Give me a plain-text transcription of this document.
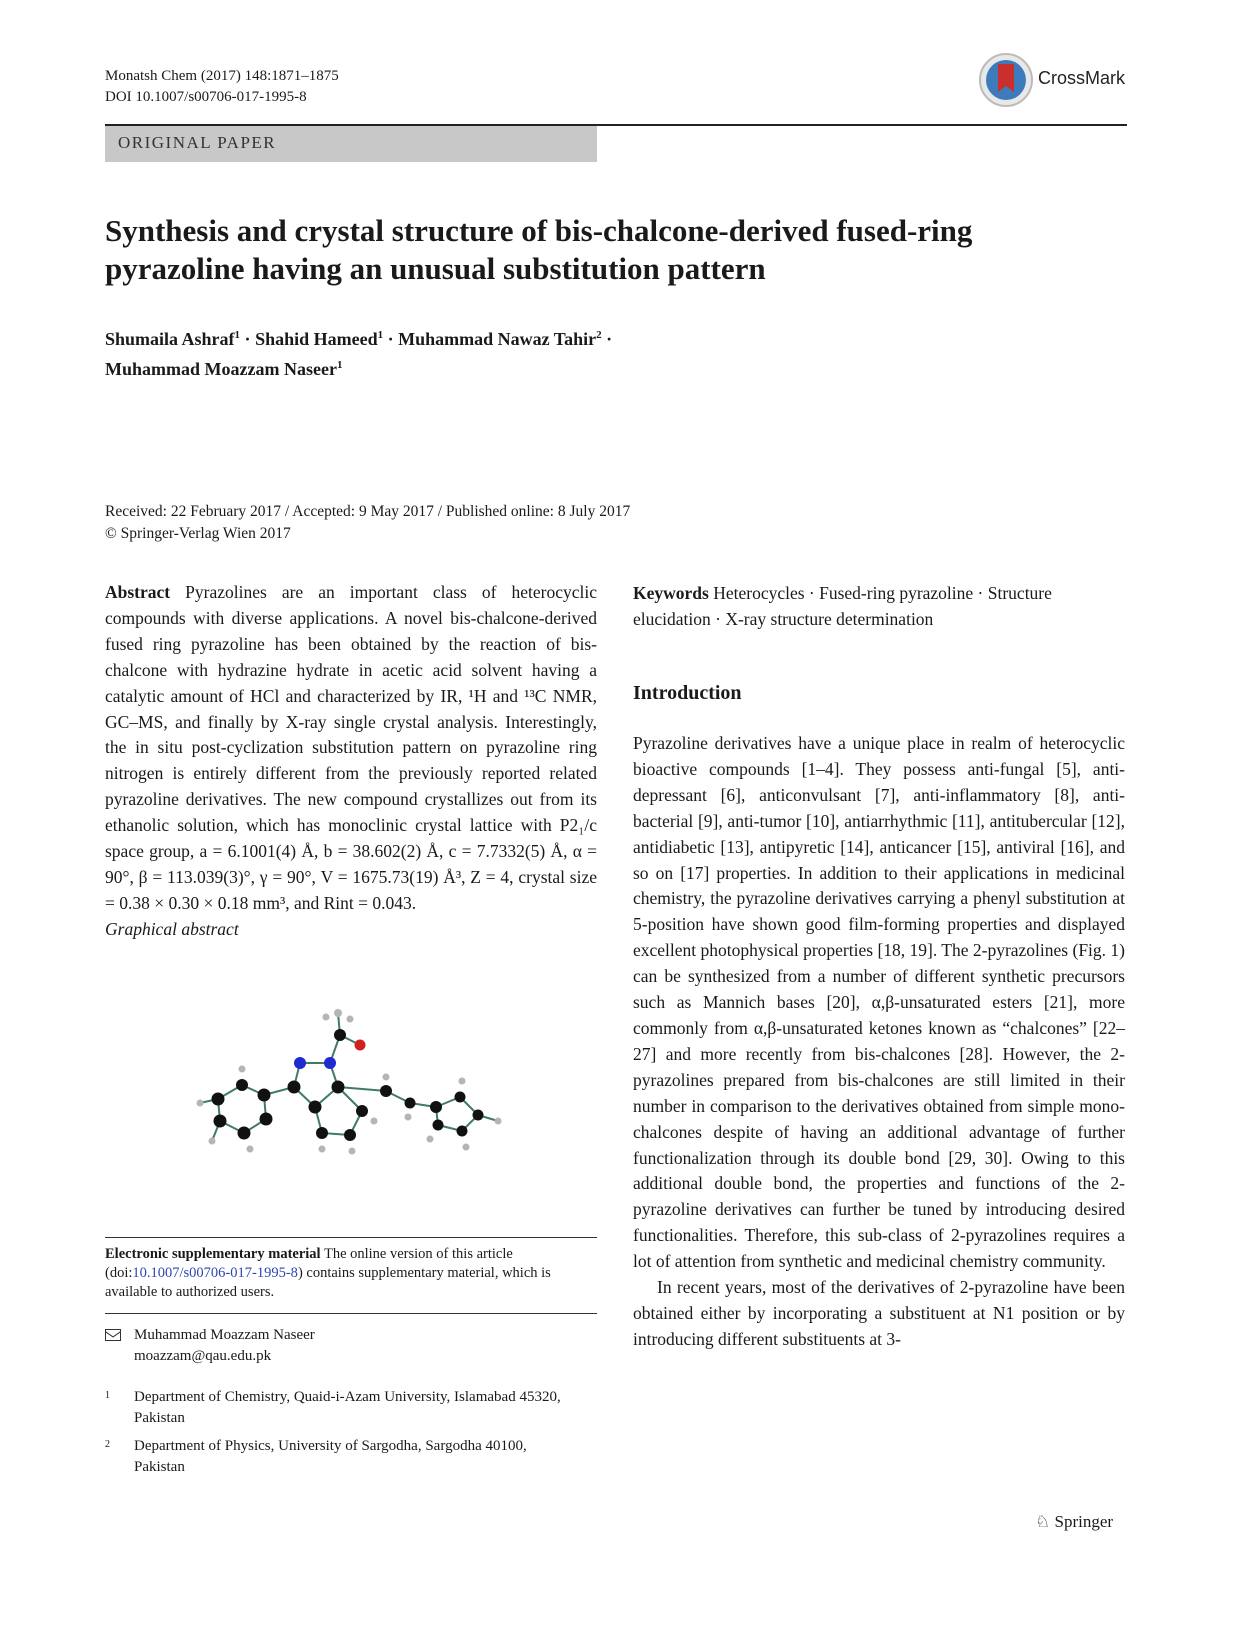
Monatsh Chem (2017) 148:1871–1875
DOI 10.1007/s00706-017-1995-8
CrossMark
ORIGINAL PAPER
Synthesis and crystal structure of bis-chalcone-derived fused-ring
pyrazoline having an unusual substitution pattern
Shumaila Ashraf$^1$ · Shahid Hameed$^1$ · Muhammad Nawaz Tahir$^2$ ·
Muhammad Moazzam Naseer$^1$
Received: 22 February 2017 / Accepted: 9 May 2017 / Published online: 8 July 2017
© Springer-Verlag Wien 2017

Abstract Pyrazolines are an important class of heterocyclic compounds with diverse applications. A novel bis-chalcone-derived fused ring pyrazoline has been obtained by the reaction of bis-chalcone with hydrazine hydrate in acetic acid solvent having a catalytic amount of HCl and characterized by IR, ¹H and ¹³C NMR, GC–MS, and finally by X-ray single crystal analysis. Interestingly, the in situ post-cyclization substitution pattern on pyrazoline ring nitrogen is entirely different from the previously reported related pyrazoline derivatives. The new compound crystallizes out from its ethanolic solution, which has monoclinic crystal lattice with P2₁/c space group, a = 6.1001(4) Å, b = 38.602(2) Å, c = 7.7332(5) Å, α = 90°, β = 113.039(3)°, γ = 90°, V = 1675.73(19) Å³, Z = 4, crystal size = 0.38 × 0.30 × 0.18 mm³, and Rint = 0.043.

Graphical abstract
Electronic supplementary material The online version of this article (doi:10.1007/s00706-017-1995-8) contains supplementary material, which is available to authorized users.
Muhammad Moazzam Naseer
moazzam@qau.edu.pk
1 Department of Chemistry, Quaid-i-Azam University, Islamabad 45320, Pakistan
2 Department of Physics, University of Sargodha, Sargodha 40100, Pakistan
Keywords Heterocycles · Fused-ring pyrazoline · Structure elucidation · X-ray structure determination
Introduction

Pyrazoline derivatives have a unique place in realm of heterocyclic bioactive compounds [1–4]. They possess anti-fungal [5], anti-depressant [6], anticonvulsant [7], anti-inflammatory [8], anti-bacterial [9], anti-tumor [10], antiarrhythmic [11], antitubercular [12], antidiabetic [13], antipyretic [14], anticancer [15], antiviral [16], and so on [17] properties. In addition to their applications in medicinal chemistry, the pyrazoline derivatives carrying a phenyl substitution at 5-position have shown good film-forming properties and displayed excellent photophysical properties [18, 19]. The 2-pyrazolines (Fig. 1) can be synthesized from a number of different synthetic precursors such as Mannich bases [20], α,β-unsaturated esters [21], more commonly from α,β-unsaturated ketones known as “chalcones” [22–27] and more recently from bis-chalcones [28]. However, the 2-pyrazolines prepared from bis-chalcones are still limited in their number in comparison to the derivatives obtained from simple mono-chalcones despite of having an additional advantage of further functionalization through its double bond [29, 30]. Owing to this additional double bond, the properties and functions of the 2-pyrazoline derivatives can further be tuned by introducing desired functionalities. Therefore, this sub-class of 2-pyrazolines requires a lot of attention from synthetic and medicinal chemistry community.

In recent years, most of the derivatives of 2-pyrazoline have been obtained either by incorporating a substituent at N1 position or by introducing different substituents at 3-

♘ Springer
